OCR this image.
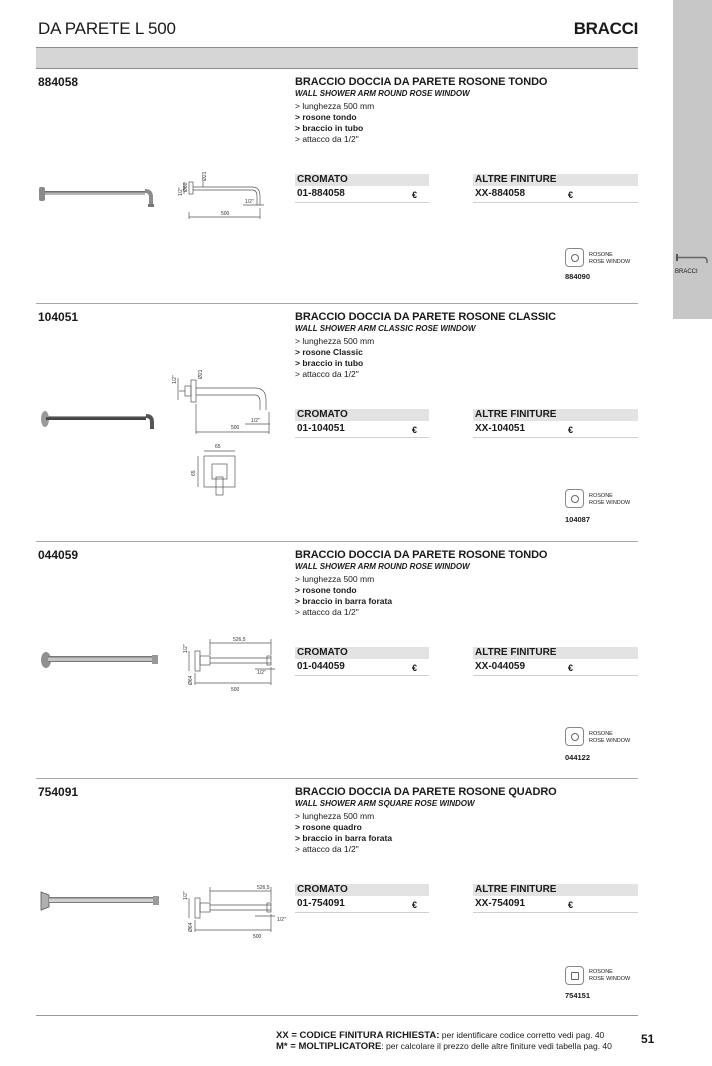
DA PARETE L 500	BRACCI
BRACCI
884058
500
1/2"
1/2" Ø60
Ø21
BRACCIO DOCCIA DA PARETE ROSONE TONDO
WALL SHOWER ARM ROUND ROSE WINDOW
> lunghezza 500 mm
> rosone tondo
> braccio in tubo
> attacco da 1/2"
CROMATO	ALTRE FINITURE
01-884058	€	XX-884058	€
ROSONE
ROSE WINDOW
884090
104051
500
1/2"
1/2"
Ø21
65
65
BRACCIO DOCCIA DA PARETE ROSONE CLASSIC
WALL SHOWER ARM CLASSIC ROSE WINDOW
> lunghezza 500 mm
> rosone Classic
> braccio in tubo
> attacco da 1/2"
CROMATO	ALTRE FINITURE
01-104051	€	XX-104051	€
ROSONE
ROSE WINDOW
104087
044059
526,5
500
1/2"
1/2"
Ø64
BRACCIO DOCCIA DA PARETE ROSONE TONDO
WALL SHOWER ARM ROUND ROSE WINDOW
> lunghezza 500 mm
> rosone tondo
> braccio in barra forata
> attacco da 1/2"
CROMATO	ALTRE FINITURE
01-044059	€	XX-044059	€
ROSONE
ROSE WINDOW
044122
754091
526,5
500
1/2"
1/2"
Ø64
BRACCIO DOCCIA DA PARETE ROSONE QUADRO
WALL SHOWER ARM SQUARE ROSE WINDOW
> lunghezza 500 mm
> rosone quadro
> braccio in barra forata
> attacco da 1/2"
CROMATO	ALTRE FINITURE
01-754091	€	XX-754091	€
ROSONE
ROSE WINDOW
754151
XX = CODICE FINITURA RICHIESTA: per identificare codice corretto vedi pag. 40
M* = MOLTIPLICATORE: per calcolare il prezzo delle altre finiture vedi tabella pag. 40 51
